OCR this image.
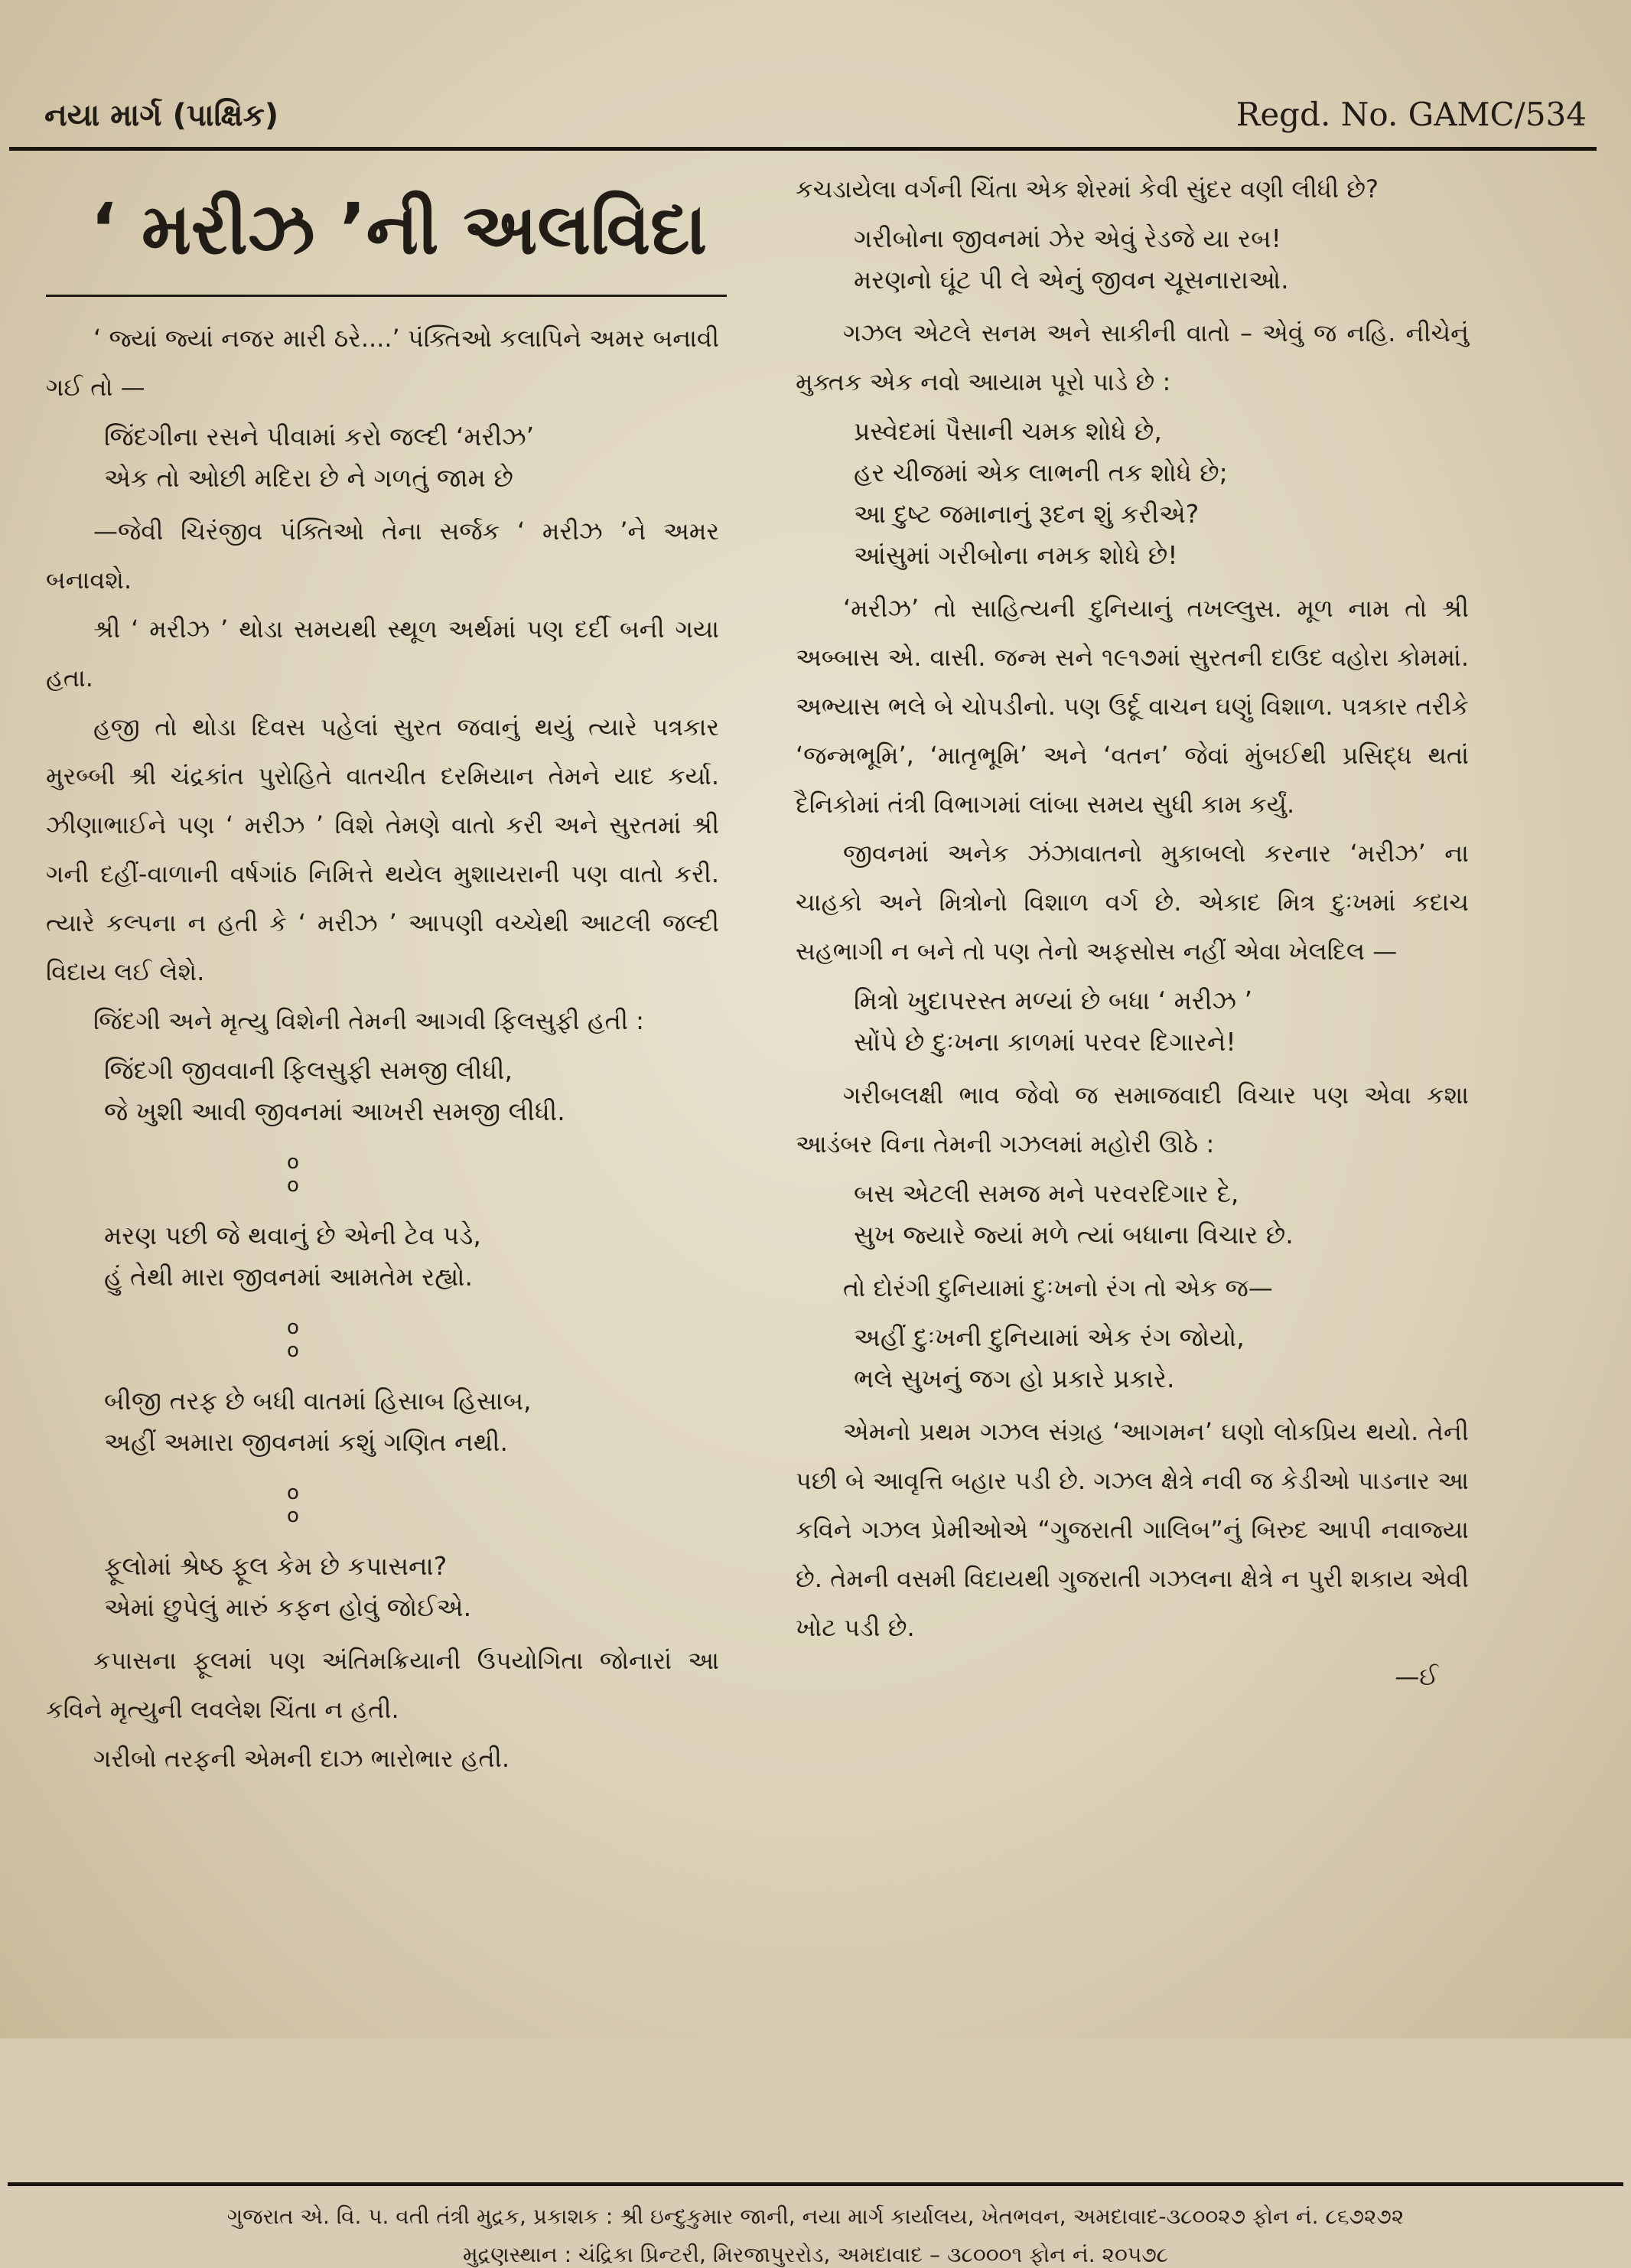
નયા માર્ગ (પાક્ષિક)	Regd. No. GAMC/534
‘ મરીઝ ’ની અલવિદા

‘ જ્યાં જ્યાં નજર મારી ઠરે....’ પંક્તિઓ કલાપિને અમર બનાવી ગઈ તો —

જિંદગીના રસને પીવામાં કરો જલ્દી ‘મરીઝ’
એક તો ઓછી મદિરા છે ને ગળતું જામ છે

—જેવી ચિરંજીવ પંક્તિઓ તેના સર્જક ‘ મરીઝ ’ને અમર બનાવશે.

શ્રી ‘ મરીઝ ’ થોડા સમયથી સ્થૂળ અર્થમાં પણ દર્દી બની ગયા હતા.

હજી તો થોડા દિવસ પહેલાં સુરત જવાનું થયું ત્યારે પત્રકાર મુરબ્બી શ્રી ચંદ્રકાંત પુરોહિતે વાતચીત દરમિયાન તેમને યાદ કર્યા. ઝીણાભાઈને પણ ‘ મરીઝ ’ વિશે તેમણે વાતો કરી અને સુરતમાં શ્રી ગની દહીં-વાળાની વર્ષગાંઠ નિમિત્તે થયેલ મુશાયરાની પણ વાતો કરી. ત્યારે કલ્પના ન હતી કે ‘ મરીઝ ’ આપણી વચ્ચેથી આટલી જલ્દી વિદાય લઈ લેશે.

જિંદગી અને મૃત્યુ વિશેની તેમની આગવી ફિલસુફી હતી :

જિંદગી જીવવાની ફિલસુફી સમજી લીધી,
જે ખુશી આવી જીવનમાં આખરી સમજી લીધી.
o o
મરણ પછી જે થવાનું છે એની ટેવ પડે,
હું તેથી મારા જીવનમાં આમતેમ રહ્યો.
o o
બીજી તરફ છે બધી વાતમાં હિસાબ હિસાબ,
અહીં અમારા જીવનમાં કશું ગણિત નથી.
o o
ફૂલોમાં શ્રેષ્ઠ ફૂલ કેમ છે કપાસના?
એમાં છુપેલું મારું કફન હોવું જોઈએ.

કપાસના ફૂલમાં પણ અંતિમક્રિયાની ઉપયોગિતા જોનારાં આ કવિને મૃત્યુની લવલેશ ચિંતા ન હતી.

ગરીબો તરફની એમની દાઝ ભારોભાર હતી.

કચડાયેલા વર્ગની ચિંતા એક શેરમાં કેવી સુંદર વણી લીધી છે?

ગરીબોના જીવનમાં ઝેર એવું રેડજે યા રબ!
મરણનો ઘૂંટ પી લે એનું જીવન ચૂસનારાઓ.

ગઝલ એટલે સનમ અને સાકીની વાતો – એવું જ નહિ. નીચેનું મુક્તક એક નવો આયામ પૂરો પાડે છે :

પ્રસ્વેદમાં પૈસાની ચમક શોધે છે,
હર ચીજમાં એક લાભની તક શોધે છે;
આ દુષ્ટ જમાનાનું રૂદન શું કરીએ?
આંસુમાં ગરીબોના નમક શોધે છે!

‘મરીઝ’ તો સાહિત્યની દુનિયાનું તખલ્લુસ. મૂળ નામ તો શ્રી અબ્બાસ એ. વાસી. જન્મ સને ૧૯૧૭માં સુરતની દાઉદ વહોરા કોમમાં. અભ્યાસ ભલે બે ચોપડીનો. પણ ઉર્દૂ વાચન ઘણું વિશાળ. પત્રકાર તરીકે ‘જન્મભૂમિ’, ‘માતૃભૂમિ’ અને ‘વતન’ જેવાં મુંબઈથી પ્રસિદ્ધ થતાં દૈનિકોમાં તંત્રી વિભાગમાં લાંબા સમય સુધી કામ કર્યું.

જીવનમાં અનેક ઝંઝાવાતનો મુકાબલો કરનાર ‘મરીઝ’ ના ચાહકો અને મિત્રોનો વિશાળ વર્ગ છે. એકાદ મિત્ર દુઃખમાં કદાચ સહભાગી ન બને તો પણ તેનો અફસોસ નહીં એવા ખેલદિલ —

મિત્રો ખુદાપરસ્ત મળ્યાં છે બધા ‘ મરીઝ ’
સોંપે છે દુઃખના કાળમાં પરવર દિગારને!

ગરીબલક્ષી ભાવ જેવો જ સમાજવાદી વિચાર પણ એવા કશા આડંબર વિના તેમની ગઝલમાં મહોરી ઊઠે :

બસ એટલી સમજ મને પરવરદિગાર દે,
સુખ જ્યારે જ્યાં મળે ત્યાં બધાના વિચાર છે.

તો દોરંગી દુનિયામાં દુઃખનો રંગ તો એક જ—

અહીં દુઃખની દુનિયામાં એક રંગ જોયો,
ભલે સુખનું જગ હો પ્રકારે પ્રકારે.

એમનો પ્રથમ ગઝલ સંગ્રહ ‘આગમન’ ઘણો લોકપ્રિય થયો. તેની પછી બે આવૃત્તિ બહાર પડી છે. ગઝલ ક્ષેત્રે નવી જ કેડીઓ પાડનાર આ કવિને ગઝલ પ્રેમીઓએ “ગુજરાતી ગાલિબ”નું બિરુદ આપી નવાજ્યા છે. તેમની વસમી વિદાયથી ગુજરાતી ગઝલના ક્ષેત્રે ન પુરી શકાય એવી ખોટ પડી છે.

—ઈ

ગુજરાત એ. વિ. પ. વતી તંત્રી મુદ્રક, પ્રકાશક : શ્રી ઇન્દુકુમાર જાની, નયા માર્ગ કાર્યાલય, ખેતભવન, અમદાવાદ-૩૮૦૦૨૭ ફોન નં. ૮૬૭૨૭૨
મુદ્રણસ્થાન : ચંદ્રિકા પ્રિન્ટરી, મિરજાપુરરોડ, અમદાવાદ – ૩૮૦૦૦૧ ફોન નં. ૨૦૫૭૮
